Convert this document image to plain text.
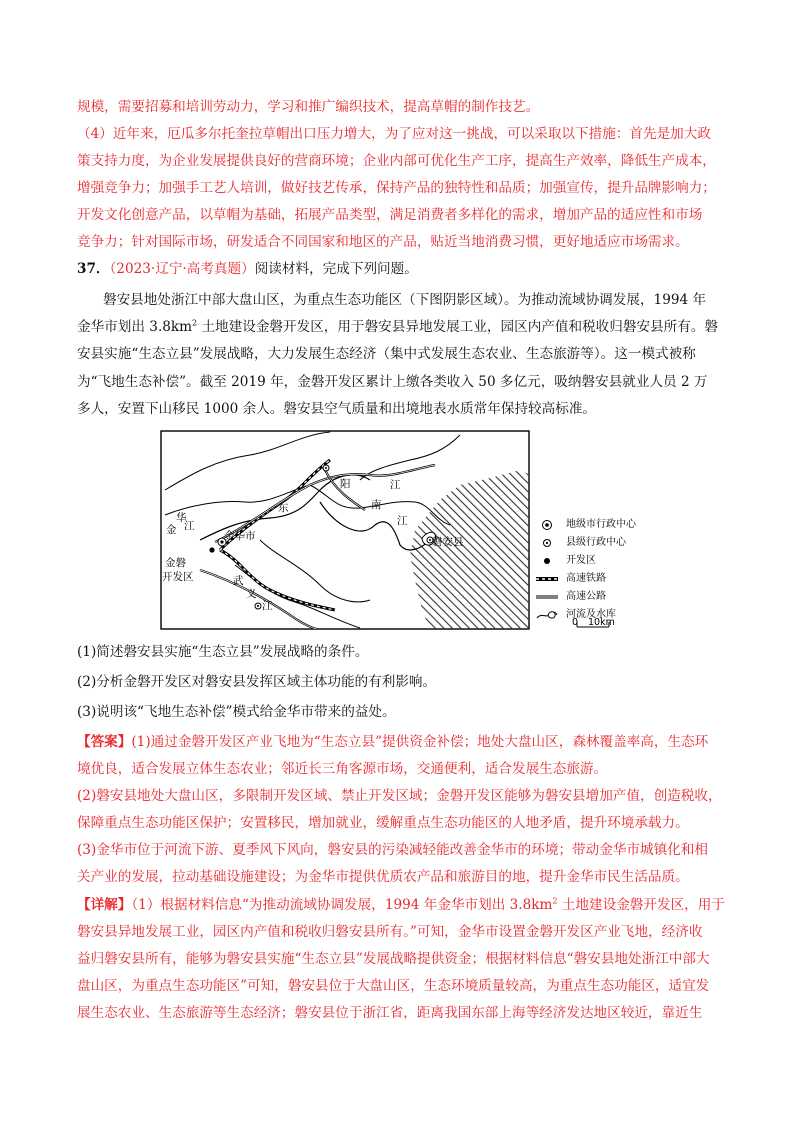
规模，需要招募和培训劳动力，学习和推广编织技术，提高草帽的制作技艺。
（4）近年来，厄瓜多尔托奎拉草帽出口压力增大，为了应对这一挑战，可以采取以下措施：首先是加大政
策支持力度，为企业发展提供良好的营商环境；企业内部可优化生产工序，提高生产效率，降低生产成本，
增强竞争力；加强手工艺人培训，做好技艺传承，保持产品的独特性和品质；加强宣传，提升品牌影响力；
开发文化创意产品，以草帽为基础，拓展产品类型，满足消费者多样化的需求，增加产品的适应性和市场
竞争力；针对国际市场，研发适合不同国家和地区的产品，贴近当地消费习惯，更好地适应市场需求。
37．（2023·辽宁·高考真题）阅读材料，完成下列问题。
磐安县地处浙江中部大盘山区，为重点生态功能区（下图阴影区域）。为推动流域协调发展，1994 年
金华市划出 $3.8km^2$ 土地建设金磐开发区，用于磐安县异地发展工业，园区内产值和税收归磐安县所有。磐
安县实施“生态立县”发展战略，大力发展生态经济（集中式发展生态农业、生态旅游等）。这一模式被称
为“飞地生态补偿”。截至 2019 年，金磐开发区累计上缴各类收入 50 多亿元，吸纳磐安县就业人员 2 万
多人，安置下山移民 1000 余人。磐安县空气质量和出境地表水质常年保持较高标准。
金
华
江
金华市
金磐
开发区
东
阳	江
南
江
磐安县
武
义
江
地级市行政中心
县级行政中心
开发区
高速铁路
高速公路
河流及水库
0 10km
(1)简述磐安县实施“生态立县”发展战略的条件。
(2)分析金磐开发区对磐安县发挥区域主体功能的有利影响。
(3)说明该“飞地生态补偿”模式给金华市带来的益处。
【答案】(1)通过金磐开发区产业飞地为“生态立县”提供资金补偿；地处大盘山区，森林覆盖率高，生态环
境优良，适合发展立体生态农业；邻近长三角客源市场，交通便利，适合发展生态旅游。
(2)磐安县地处大盘山区，多限制开发区域、禁止开发区域；金磐开发区能够为磐安县增加产值，创造税收，
保障重点生态功能区保护；安置移民，增加就业，缓解重点生态功能区的人地矛盾，提升环境承载力。
(3)金华市位于河流下游、夏季风下风向，磐安县的污染减轻能改善金华市的环境；带动金华市城镇化和相
关产业的发展，拉动基础设施建设；为金华市提供优质农产品和旅游目的地，提升金华市民生活品质。
【详解】（1）根据材料信息“为推动流域协调发展，1994 年金华市划出 $3.8km^2$ 土地建设金磐开发区，用于
磐安县异地发展工业，园区内产值和税收归磐安县所有。”可知，金华市设置金磐开发区产业飞地，经济收
益归磐安县所有，能够为磐安县实施“生态立县”发展战略提供资金；根据材料信息“磐安县地处浙江中部大
盘山区，为重点生态功能区”可知，磐安县位于大盘山区，生态环境质量较高，为重点生态功能区，适宜发
展生态农业、生态旅游等生态经济；磐安县位于浙江省，距离我国东部上海等经济发达地区较近，靠近生
